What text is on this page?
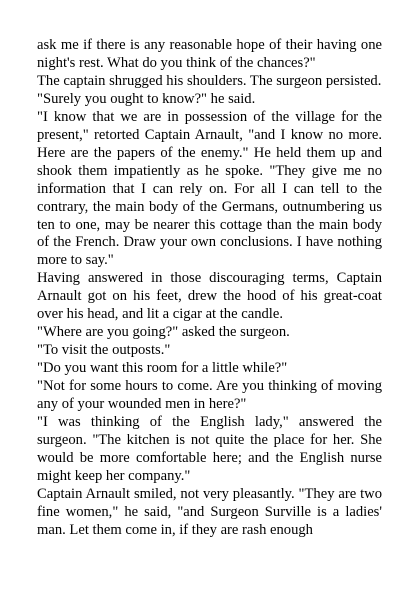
ask me if there is any reasonable hope of their having one night's rest. What do you think of the chances?"

The captain shrugged his shoulders. The surgeon persisted.

"Surely you ought to know?" he said.

"I know that we are in possession of the village for the present," retorted Captain Arnault, "and I know no more. Here are the papers of the enemy." He held them up and shook them impatiently as he spoke. "They give me no information that I can rely on. For all I can tell to the contrary, the main body of the Germans, outnumbering us ten to one, may be nearer this cottage than the main body of the French. Draw your own conclusions. I have nothing more to say."

Having answered in those discouraging terms, Captain Arnault got on his feet, drew the hood of his great-coat over his head, and lit a cigar at the candle.

"Where are you going?" asked the surgeon.

"To visit the outposts."

"Do you want this room for a little while?"

"Not for some hours to come. Are you thinking of moving any of your wounded men in here?"

"I was thinking of the English lady," answered the surgeon. "The kitchen is not quite the place for her. She would be more comfortable here; and the English nurse might keep her company."

Captain Arnault smiled, not very pleasantly. "They are two fine women," he said, "and Surgeon Surville is a ladies' man. Let them come in, if they are rash enough
